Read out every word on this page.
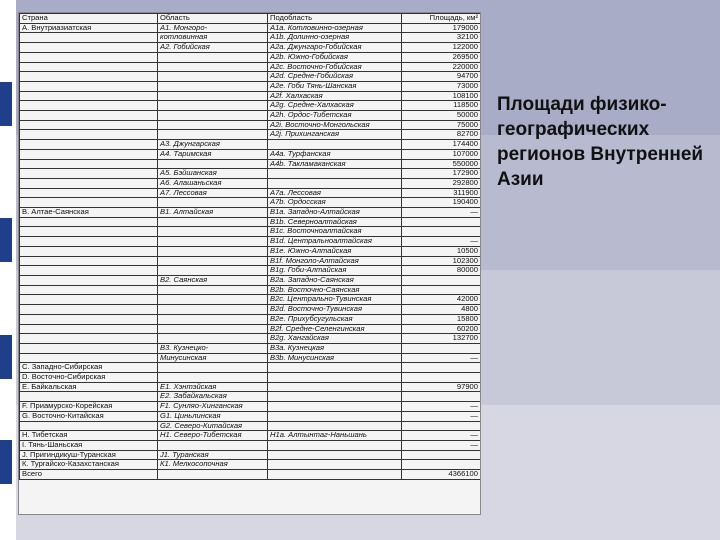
Страна	Область	Подобласть	Площадь, км²
А. Внутриазиатская	А1. Монгоро-	А1а. Котловинно-озерная	179000
	котловинная	А1b. Долинно-озерная	32100
	А2. Гобийская	А2a. Джунгаро-Гобийская	122000
		А2b. Южно-Гобийская	269500
		А2c. Восточно-Гобийская	220000
		А2d. Средне-Гобийская	94700
		А2e. Гоби Тянь-Шанская	73000
		А2f. Халхаская	108100
		А2g. Средне-Халхаская	118500
		А2h. Ордос-Тибетская	50000
		А2i. Восточно-Монгольская	75000
		А2j. Прихинганская	82700
	А3. Джунгарская		174400
	А4. Таримская	А4a. Турфанская	107000
		А4b. Такламаканская	550000
	А5. Бэйшанская		172900
	А6. Алашаньская		292800
	А7. Лессовая	А7a. Лессовая	311900
		А7b. Ордосская	190400
В. Алтае-Саянская	В1. Алтайская	В1а. Западно-Алтайская	—
		В1b. Северноалтайская	
		В1c. Восточноалтайская	
		В1d. Центральноалтайская	—
		В1e. Южно-Алтайская	10500
		В1f. Монголо-Алтайская	102300
		В1g. Гоби-Алтайская	80000
	В2. Саянская	В2а. Западно-Саянская	
		В2b. Восточно-Саянская	
		В2c. Центрально-Тувинская	42000
		В2d. Восточно-Тувинская	4800
		В2e. Прихубсугульская	15800
		В2f. Средне-Селенгинская	60200
		В2g. Хангайская	132700
	В3. Кузнецко-	В3а. Кузнецкая	
	Минусинская	В3b. Минусинская	—
С. Западно-Сибирская			
D. Восточно-Сибирская			
Е. Байкальская	Е1. Хэнтэйская		97900
	Е2. Забайкальская		
F. Приамурско-Корейская	F1. Сунляо-Хинганская		—
G. Восточно-Китайская	G1. Циньлинская		—
	G2. Северо-Китайская		
Н. Тибетская	Н1. Северо-Тибетская	Н1а. Алтынтаг-Наньшань	—
I. Тянь-Шаньская			—
J. Пригиндикуш-Туранская	J1. Туранская		
К. Тургайско-Казахстанская	К1. Мелкосопочная		
Всего			4366100
Площади физико-географических регионов Внутренней Азии
